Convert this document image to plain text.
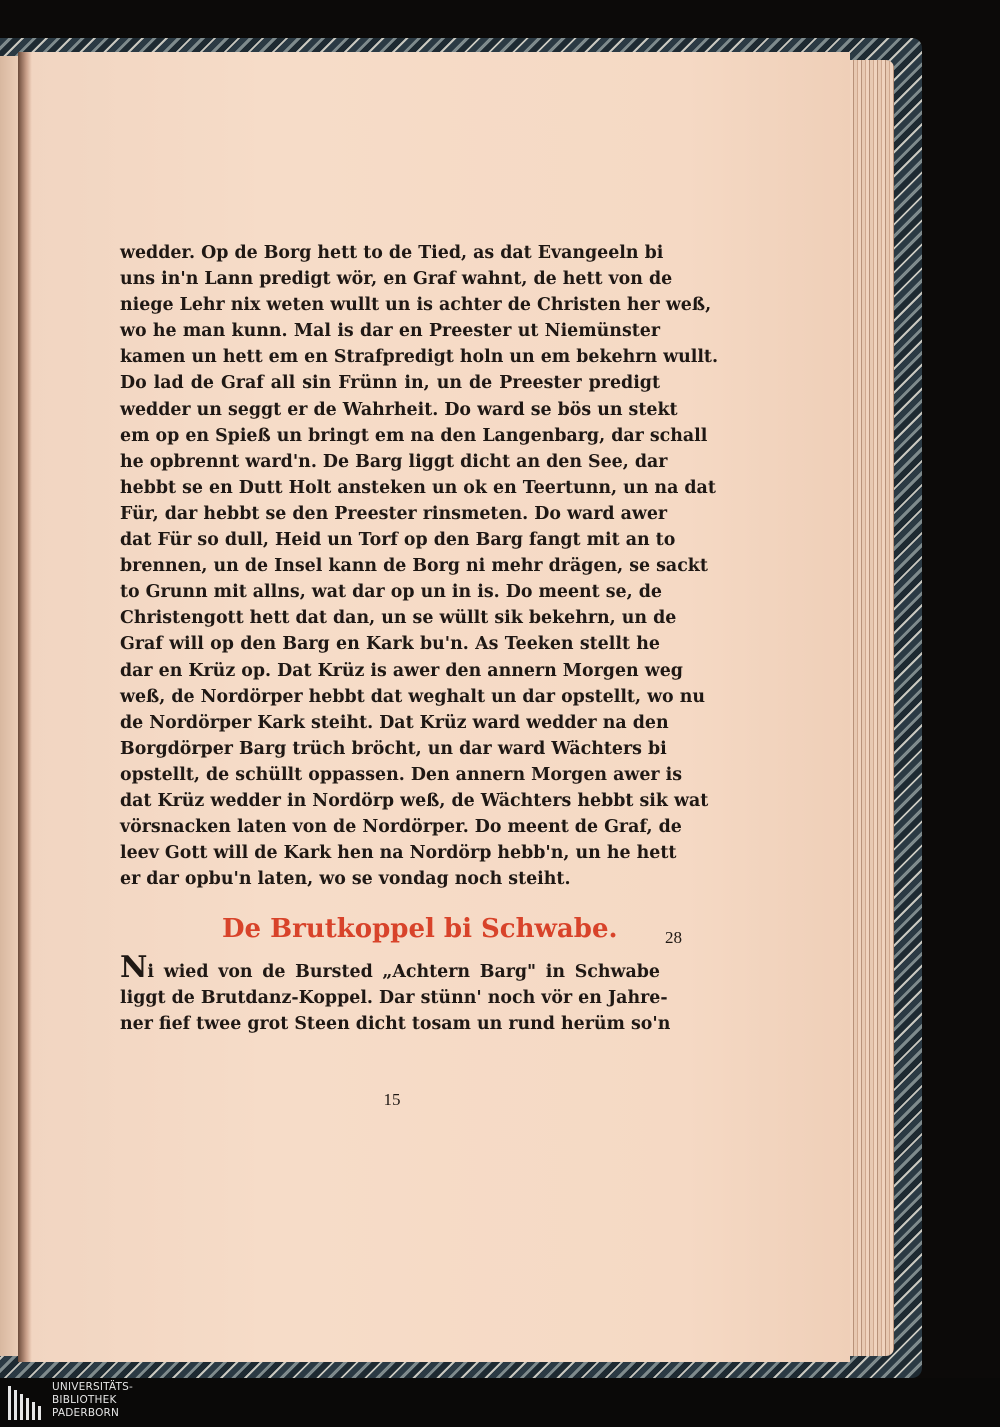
wedder. Op de Borg hett to de Tied, as dat Evangeeln bi
uns in'n Lann predigt wör, en Graf wahnt, de hett von de
niege Lehr nix weten wullt un is achter de Christen her weß,
wo he man kunn. Mal is dar en Preester ut Niemünster
kamen un hett em en Strafpredigt holn un em bekehrn wullt.
Do lad de Graf all sin Frünn in, un de Preester predigt
wedder un seggt er de Wahrheit. Do ward se bös un stekt
em op en Spieß un bringt em na den Langenbarg, dar schall
he opbrennt ward'n. De Barg liggt dicht an den See, dar
hebbt se en Dutt Holt ansteken un ok en Teertunn, un na dat
Für, dar hebbt se den Preester rinsmeten. Do ward awer
dat Für so dull, Heid un Torf op den Barg fangt mit an to
brennen, un de Insel kann de Borg ni mehr drägen, se sackt
to Grunn mit allns, wat dar op un in is. Do meent se, de
Christengott hett dat dan, un se wüllt sik bekehrn, un de
Graf will op den Barg en Kark bu'n. As Teeken stellt he
dar en Krüz op. Dat Krüz is awer den annern Morgen weg
weß, de Nordörper hebbt dat weghalt un dar opstellt, wo nu
de Nordörper Kark steiht. Dat Krüz ward wedder na den
Borgdörper Barg trüch bröcht, un dar ward Wächters bi
opstellt, de schüllt oppassen. Den annern Morgen awer is
dat Krüz wedder in Nordörp weß, de Wächters hebbt sik wat
vörsnacken laten von de Nordörper. Do meent de Graf, de
leev Gott will de Kark hen na Nordörp hebb'n, un he hett
er dar opbu'n laten, wo se vondag noch steiht.
De Brutkoppel bi Schwabe.	28
Ni wied von de Bursted „Achtern Barg" in Schwabe
liggt de Brutdanz-Koppel. Dar stünn' noch vör en Jahre-
ner fief twee grot Steen dicht tosam un rund herüm so'n
15
UNIVERSITÄTS-
BIBLIOTHEK
PADERBORN
